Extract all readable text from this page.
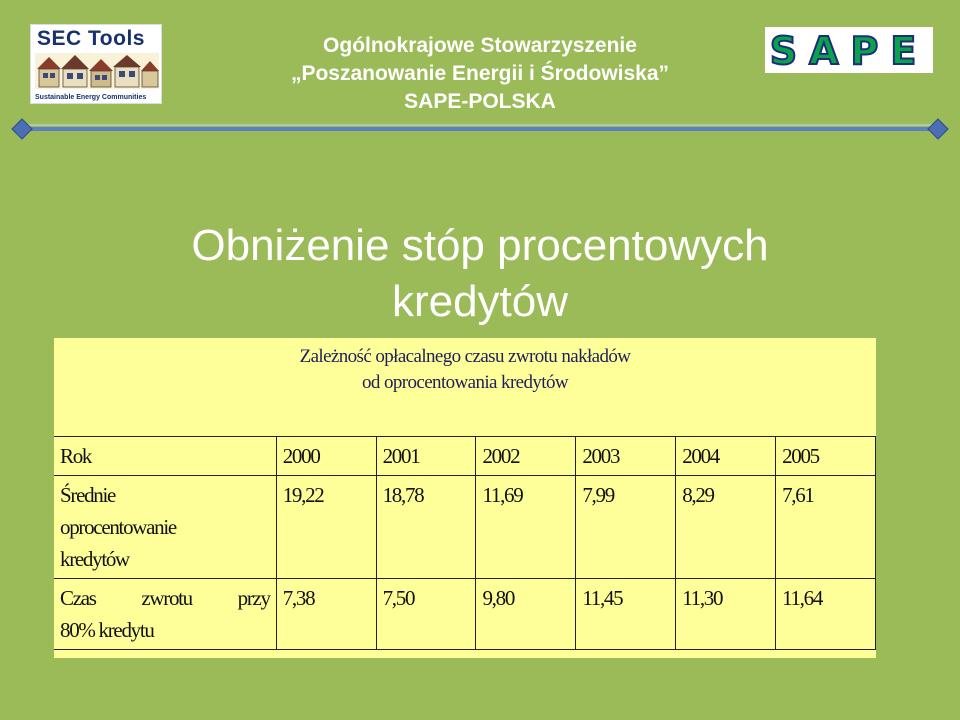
SEC Tools
Sustainable Energy Communities
Ogólnokrajowe Stowarzyszenie
„Poszanowanie Energii i Środowiska”
SAPE-POLSKA
SAPE
Obniżenie stóp procentowych
kredytów
Zależność opłacalnego czasu zwrotu nakładów
od oprocentowania kredytów
Rok	2000	2001	2002	2003	2004	2005

Średnie
oprocentowanie
kredytów	19,22	18,78	11,69	7,99	8,29	7,61

Czas zwrotu przy
80% kredytu	7,38	7,50	9,80	11,45	11,30	11,64
